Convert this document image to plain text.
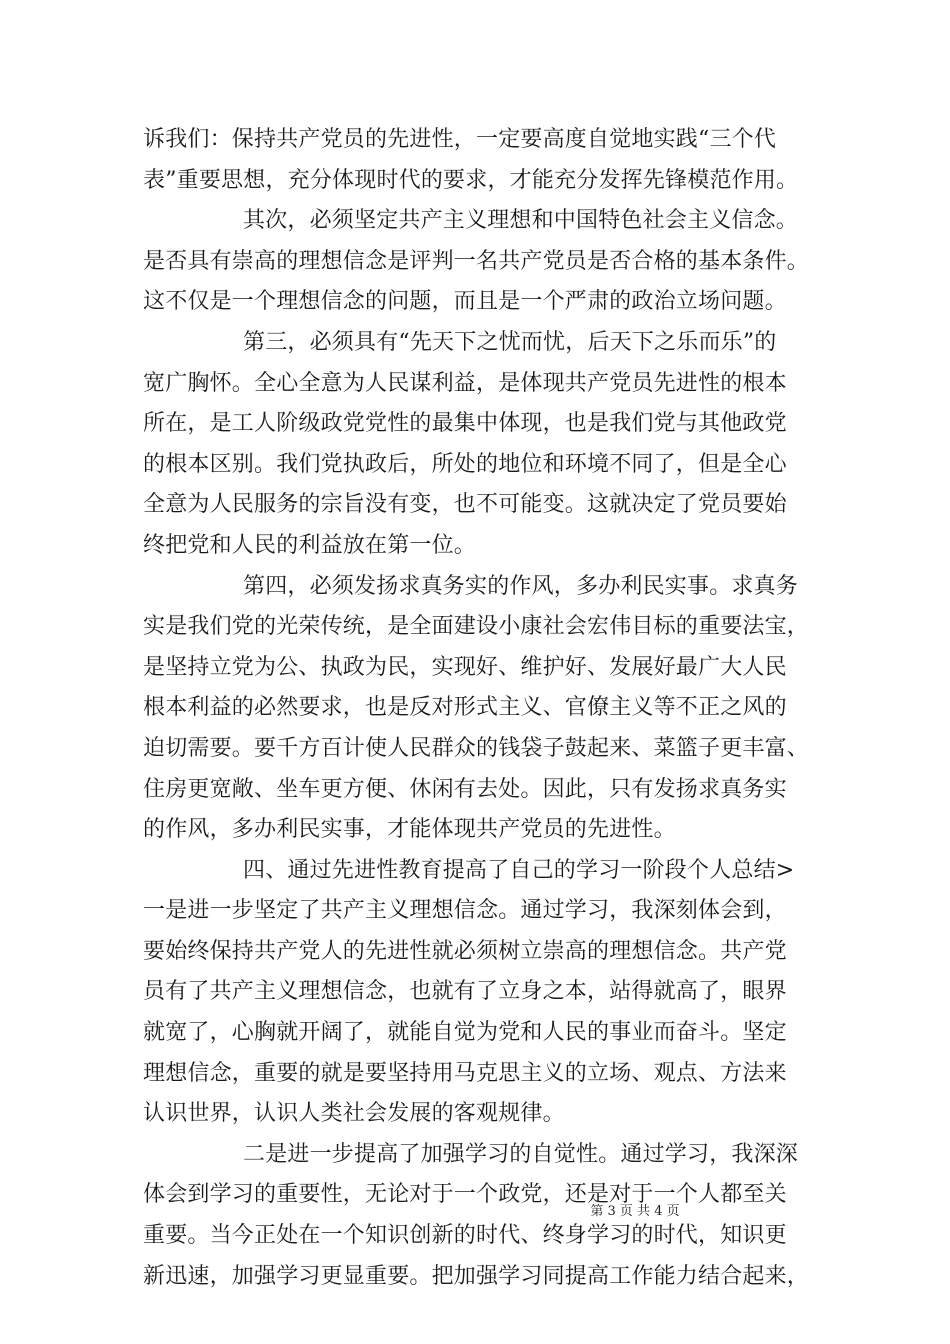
诉我们：保持共产党员的先进性，一定要高度自觉地实践“三个代
表”重要思想，充分体现时代的要求，才能充分发挥先锋模范作用。
其次，必须坚定共产主义理想和中国特色社会主义信念。
是否具有崇高的理想信念是评判一名共产党员是否合格的基本条件。
这不仅是一个理想信念的问题，而且是一个严肃的政治立场问题。
第三，必须具有“先天下之忧而忧，后天下之乐而乐”的
宽广胸怀。全心全意为人民谋利益，是体现共产党员先进性的根本
所在，是工人阶级政党党性的最集中体现，也是我们党与其他政党
的根本区别。我们党执政后，所处的地位和环境不同了，但是全心
全意为人民服务的宗旨没有变，也不可能变。这就决定了党员要始
终把党和人民的利益放在第一位。
第四，必须发扬求真务实的作风，多办利民实事。求真务
实是我们党的光荣传统，是全面建设小康社会宏伟目标的重要法宝，
是坚持立党为公、执政为民，实现好、维护好、发展好最广大人民
根本利益的必然要求，也是反对形式主义、官僚主义等不正之风的
迫切需要。要千方百计使人民群众的钱袋子鼓起来、菜篮子更丰富、
住房更宽敞、坐车更方便、休闲有去处。因此，只有发扬求真务实
的作风，多办利民实事，才能体现共产党员的先进性。
四、通过先进性教育提高了自己的学习一阶段个人总结>
一是进一步坚定了共产主义理想信念。通过学习，我深刻体会到，
要始终保持共产党人的先进性就必须树立崇高的理想信念。共产党
员有了共产主义理想信念，也就有了立身之本，站得就高了，眼界
就宽了，心胸就开阔了，就能自觉为党和人民的事业而奋斗。坚定
理想信念，重要的就是要坚持用马克思主义的立场、观点、方法来
认识世界，认识人类社会发展的客观规律。
二是进一步提高了加强学习的自觉性。通过学习，我深深
体会到学习的重要性，无论对于一个政党，还是对于一个人都至关
重要。当今正处在一个知识创新的时代、终身学习的时代，知识更
新迅速，加强学习更显重要。把加强学习同提高工作能力结合起来，
第 3 页 共 4 页
